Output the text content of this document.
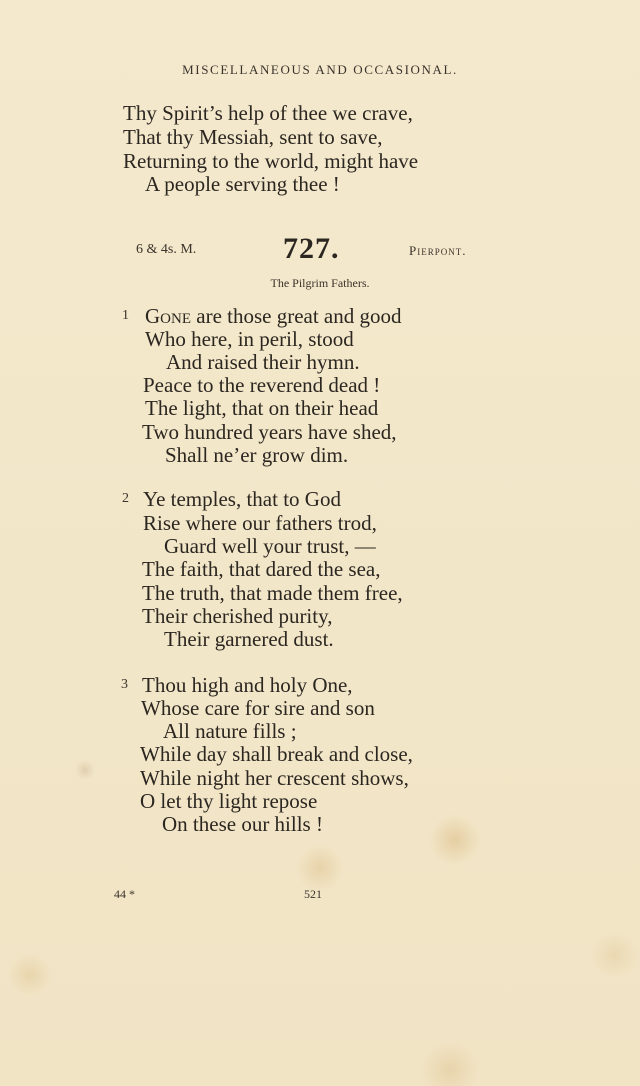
MISCELLANEOUS AND OCCASIONAL.
Thy Spirit’s help of thee we crave,
That thy Messiah, sent to save,
Returning to the world, might have
A people serving thee !
6 & 4s. M.	727.	Pierpont.
The Pilgrim Fathers.
1 Gone are those great and good
Who here, in peril, stood
And raised their hymn.
Peace to the reverend dead !
The light, that on their head
Two hundred years have shed,
Shall ne’er grow dim.
2 Ye temples, that to God
Rise where our fathers trod,
Guard well your trust, —
The faith, that dared the sea,
The truth, that made them free,
Their cherished purity,
Their garnered dust.
3 Thou high and holy One,
Whose care for sire and son
All nature fills ;
While day shall break and close,
While night her crescent shows,
O let thy light repose
On these our hills !
44 *	521
